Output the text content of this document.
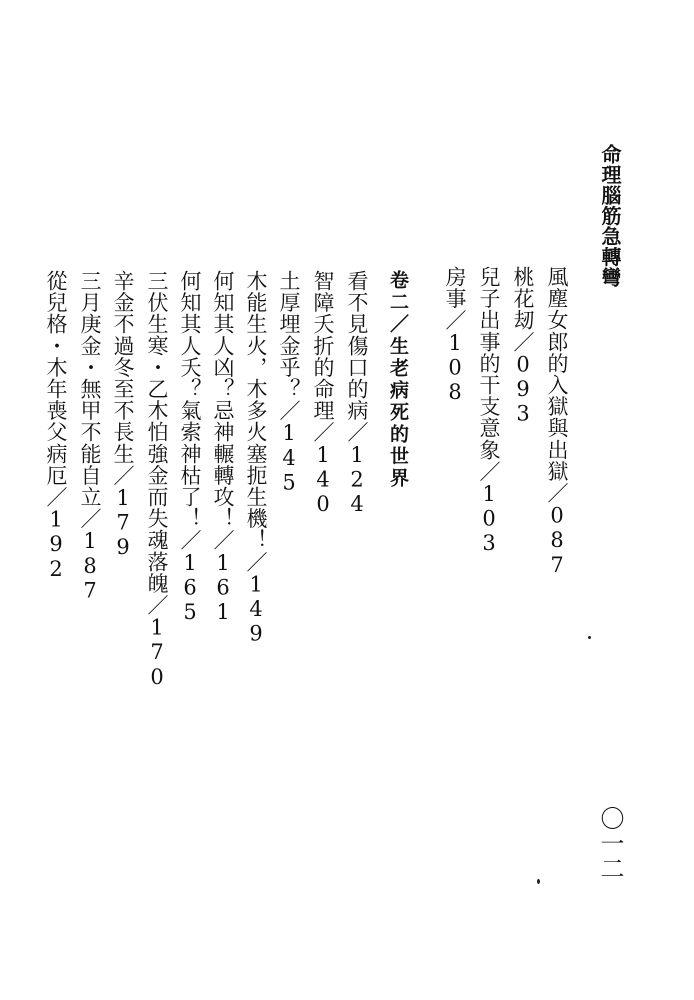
命理腦筋急轉彎
風塵女郎的入獄與出獄／087
桃花刼／093
兒子出事的干支意象／103
房事／108
卷二／生老病死的世界
看不見傷口的病／124
智障夭折的命理／140
土厚埋金乎？／145
木能生火，木多火塞扼生機！／149
何知其人凶？忌神輾轉攻！／161
何知其人夭？氣索神枯了！／165
三伏生寒・乙木怕強金而失魂落魄／170
辛金不過冬至不長生／179
三月庚金・無甲不能自立／187
從兒格・木年喪父病厄／192
〇一二
